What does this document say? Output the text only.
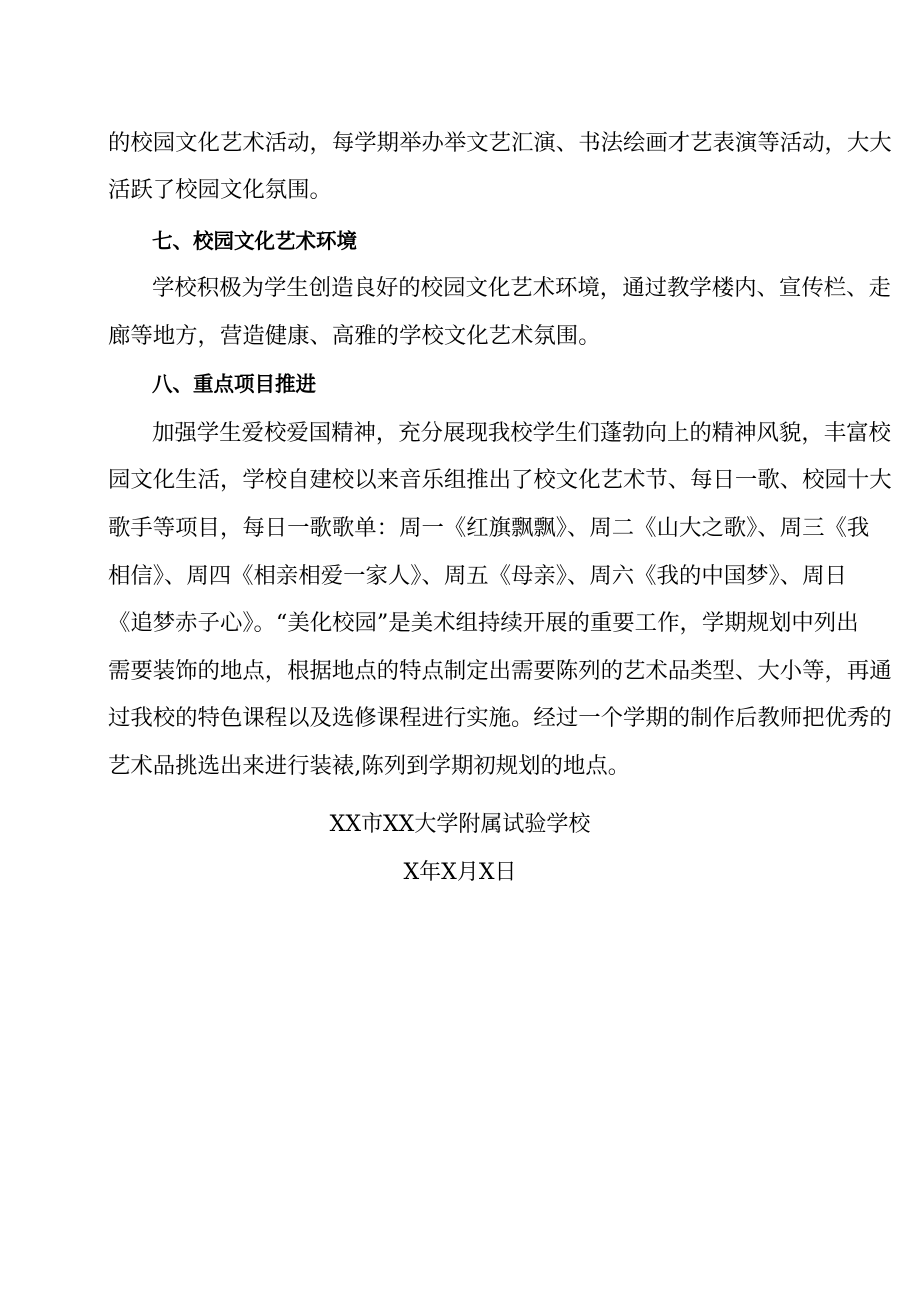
的校园文化艺术活动，每学期举办举文艺汇演、书法绘画才艺表演等活动，大大
活跃了校园文化氛围。
七、校园文化艺术环境
学校积极为学生创造良好的校园文化艺术环境，通过教学楼内、宣传栏、走
廊等地方，营造健康、高雅的学校文化艺术氛围。
八、重点项目推进
加强学生爱校爱国精神，充分展现我校学生们蓬勃向上的精神风貌，丰富校
园文化生活，学校自建校以来音乐组推出了校文化艺术节、每日一歌、校园十大
歌手等项目，每日一歌歌单：周一《红旗飘飘》、周二《山大之歌》、周三《我
相信》、周四《相亲相爱一家人》、周五《母亲》、周六《我的中国梦》、周日
《追梦赤子心》。“美化校园”是美术组持续开展的重要工作，学期规划中列出
需要装饰的地点，根据地点的特点制定出需要陈列的艺术品类型、大小等，再通
过我校的特色课程以及选修课程进行实施。经过一个学期的制作后教师把优秀的
艺术品挑选出来进行装裱,陈列到学期初规划的地点。
XX市XX大学附属试验学校
X年X月X日
